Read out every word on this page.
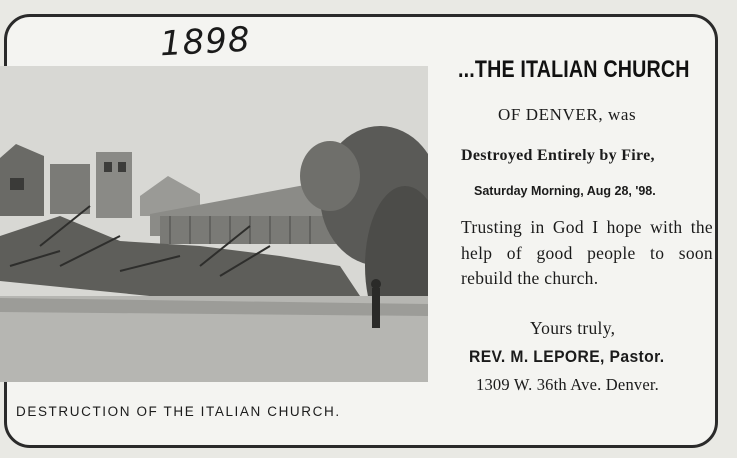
1898
DESTRUCTION OF THE ITALIAN CHURCH.
...THE ITALIAN CHURCH
OF DENVER, was
Destroyed Entirely by Fire,
Saturday Morning, Aug 28, '98.
Trusting in God I hope with the help of good people to soon rebuild the church.
Yours truly,
REV. M. LEPORE, Pastor.
1309 W. 36th Ave. Denver.
